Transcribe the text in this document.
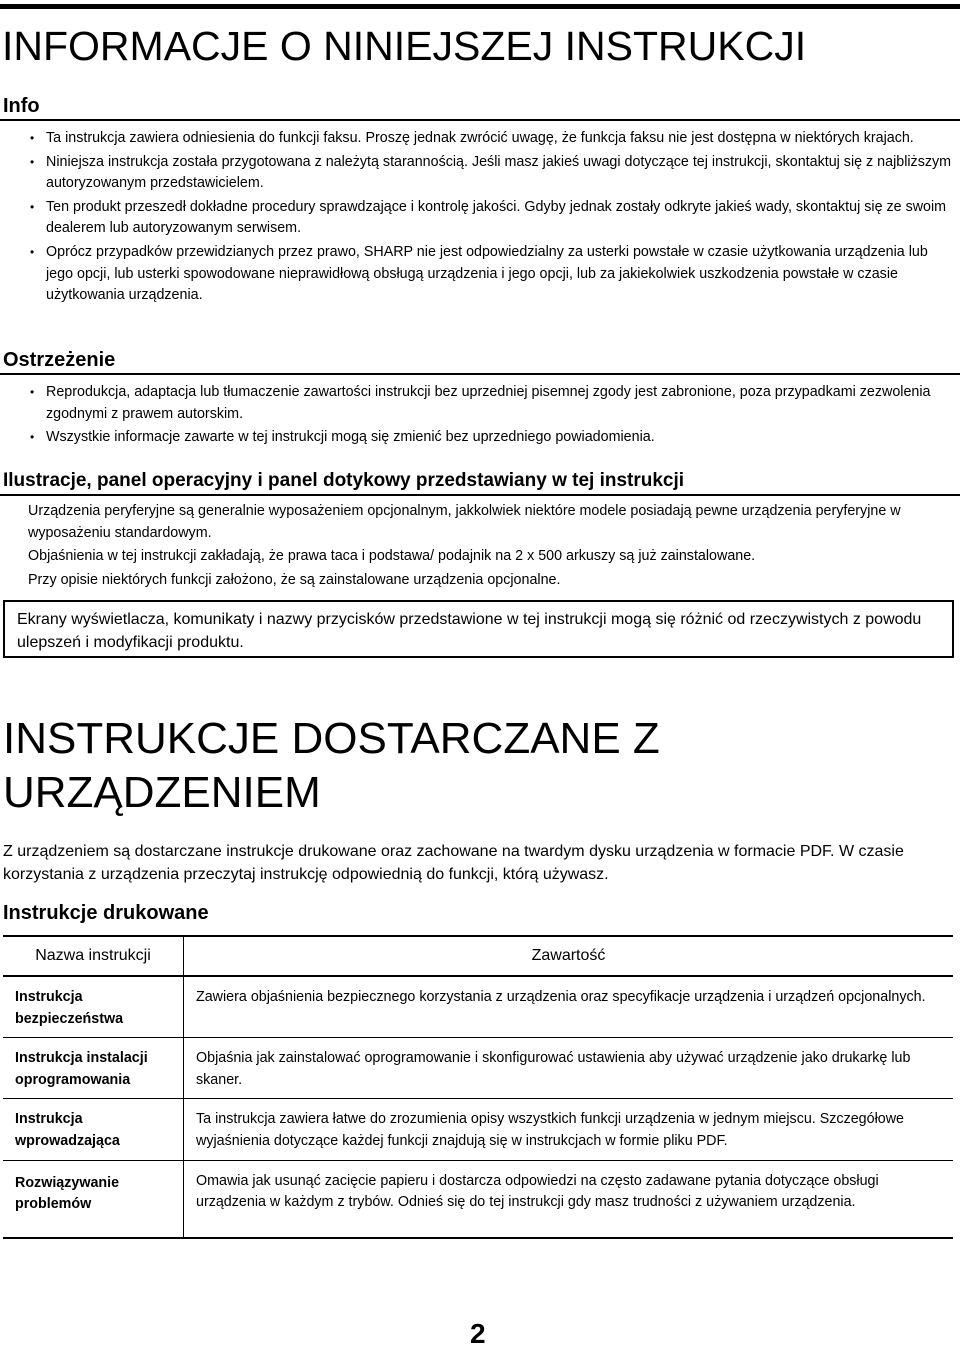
INFORMACJE O NINIEJSZEJ INSTRUKCJI
Info
• Ta instrukcja zawiera odniesienia do funkcji faksu. Proszę jednak zwrócić uwagę, że funkcja faksu nie jest dostępna w niektórych krajach.
• Niniejsza instrukcja została przygotowana z należytą starannością. Jeśli masz jakieś uwagi dotyczące tej instrukcji, skontaktuj się z najbliższym autoryzowanym przedstawicielem.
• Ten produkt przeszedł dokładne procedury sprawdzające i kontrolę jakości. Gdyby jednak zostały odkryte jakieś wady, skontaktuj się ze swoim dealerem lub autoryzowanym serwisem.
• Oprócz przypadków przewidzianych przez prawo, SHARP nie jest odpowiedzialny za usterki powstałe w czasie użytkowania urządzenia lub jego opcji, lub usterki spowodowane nieprawidłową obsługą urządzenia i jego opcji, lub za jakiekolwiek uszkodzenia powstałe w czasie użytkowania urządzenia.
Ostrzeżenie
• Reprodukcja, adaptacja lub tłumaczenie zawartości instrukcji bez uprzedniej pisemnej zgody jest zabronione, poza przypadkami zezwolenia zgodnymi z prawem autorskim.
• Wszystkie informacje zawarte w tej instrukcji mogą się zmienić bez uprzedniego powiadomienia.
Ilustracje, panel operacyjny i panel dotykowy przedstawiany w tej instrukcji

Urządzenia peryferyjne są generalnie wyposażeniem opcjonalnym, jakkolwiek niektóre modele posiadają pewne urządzenia peryferyjne w wyposażeniu standardowym.

Objaśnienia w tej instrukcji zakładają, że prawa taca i podstawa/ podajnik na 2 x 500 arkuszy są już zainstalowane.

Przy opisie niektórych funkcji założono, że są zainstalowane urządzenia opcjonalne.

Ekrany wyświetlacza, komunikaty i nazwy przycisków przedstawione w tej instrukcji mogą się różnić od rzeczywistych z powodu ulepszeń i modyfikacji produktu.
INSTRUKCJE DOSTARCZANE Z URZĄDZENIEM

Z urządzeniem są dostarczane instrukcje drukowane oraz zachowane na twardym dysku urządzenia w formacie PDF. W czasie korzystania z urządzenia przeczytaj instrukcję odpowiednią do funkcji, którą używasz.

Instrukcje drukowane
Nazwa instrukcji	Zawartość
Instrukcja bezpieczeństwa	Zawiera objaśnienia bezpiecznego korzystania z urządzenia oraz specyfikacje urządzenia i urządzeń opcjonalnych.
Instrukcja instalacji oprogramowania	Objaśnia jak zainstalować oprogramowanie i skonfigurować ustawienia aby używać urządzenie jako drukarkę lub skaner.
Instrukcja wprowadzająca	Ta instrukcja zawiera łatwe do zrozumienia opisy wszystkich funkcji urządzenia w jednym miejscu. Szczegółowe wyjaśnienia dotyczące każdej funkcji znajdują się w instrukcjach w formie pliku PDF.
Rozwiązywanie problemów	Omawia jak usunąć zacięcie papieru i dostarcza odpowiedzi na często zadawane pytania dotyczące obsługi urządzenia w każdym z trybów. Odnieś się do tej instrukcji gdy masz trudności z używaniem urządzenia.
2
